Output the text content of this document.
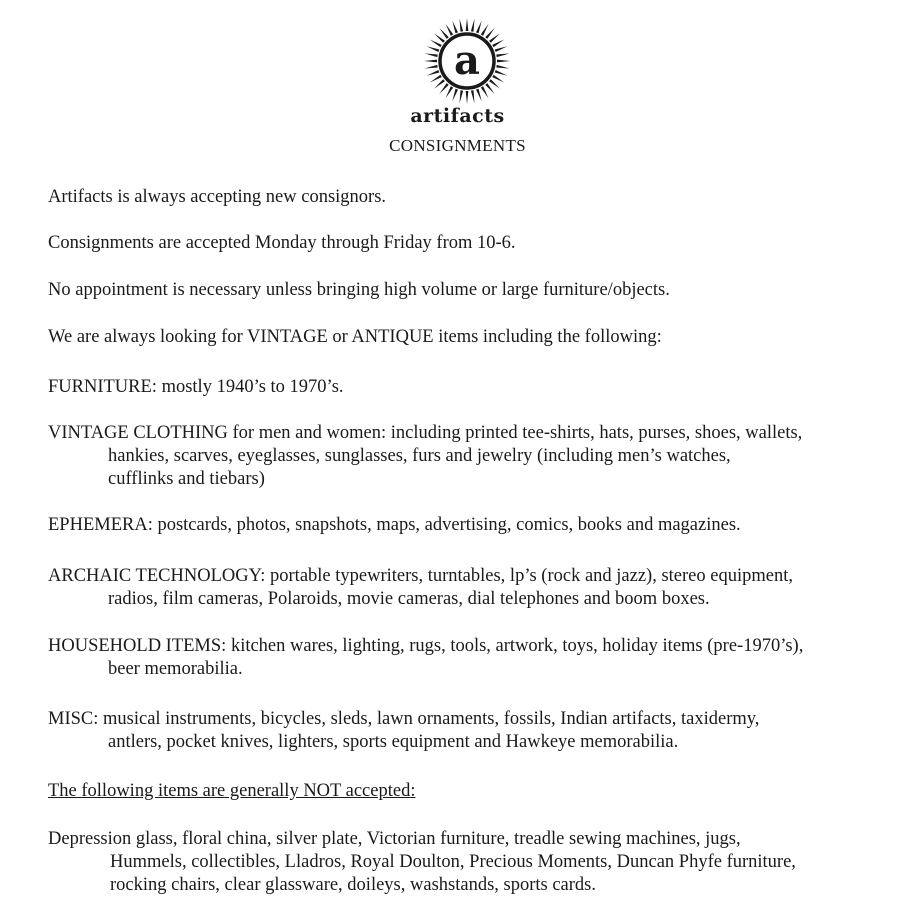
a
artifacts
CONSIGNMENTS

Artifacts is always accepting new consignors.

Consignments are accepted Monday through Friday from 10-6.

No appointment is necessary unless bringing high volume or large furniture/objects.

We are always looking for VINTAGE or ANTIQUE items including the following:

FURNITURE: mostly 1940’s to 1970’s.

VINTAGE CLOTHING for men and women: including printed tee-shirts, hats, purses, shoes, wallets,
hankies, scarves, eyeglasses, sunglasses, furs and jewelry (including men’s watches,
cufflinks and tiebars)

EPHEMERA: postcards, photos, snapshots, maps, advertising, comics, books and magazines.

ARCHAIC TECHNOLOGY: portable typewriters, turntables, lp’s (rock and jazz), stereo equipment,
radios, film cameras, Polaroids, movie cameras, dial telephones and boom boxes.

HOUSEHOLD ITEMS: kitchen wares, lighting, rugs, tools, artwork, toys, holiday items (pre-1970’s),
beer memorabilia.

MISC: musical instruments, bicycles, sleds, lawn ornaments, fossils, Indian artifacts, taxidermy,
antlers, pocket knives, lighters, sports equipment and Hawkeye memorabilia.

The following items are generally NOT accepted:

Depression glass, floral china, silver plate, Victorian furniture, treadle sewing machines, jugs,
Hummels, collectibles, Lladros, Royal Doulton, Precious Moments, Duncan Phyfe furniture,
rocking chairs, clear glassware, doileys, washstands, sports cards.
